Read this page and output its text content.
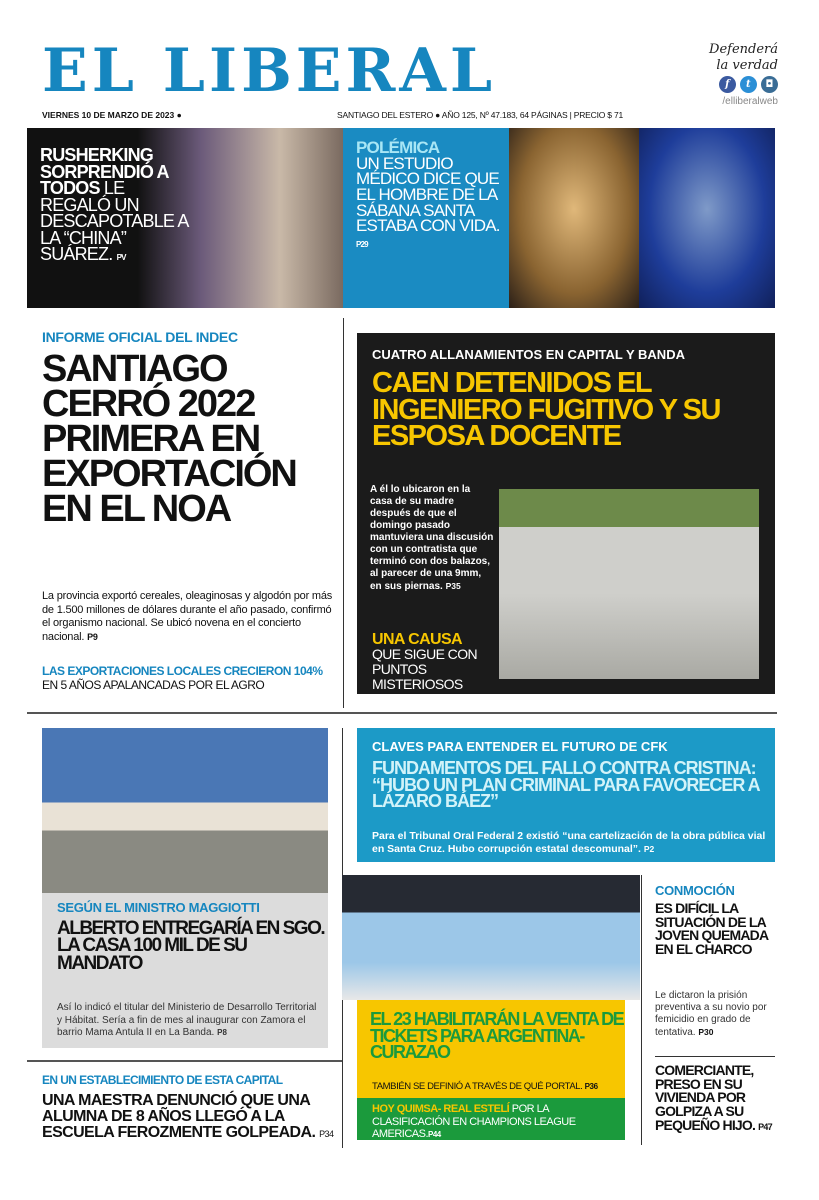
EL LIBERAL	Defenderá
la verdad
f t ◘
/elliberalweb
VIERNES 10 DE MARZO DE 2023 ●	SANTIAGO DEL ESTERO ● AÑO 125, Nº 47.183, 64 PÁGINAS | PRECIO $ 71
RUSHERKING SORPRENDIÓ A TODOS LE REGALÓ UN DESCAPOTABLE A LA “CHINA” SUÁREZ. PV
POLÉMICA
UN ESTUDIO MÉDICO DICE QUE EL HOMBRE DE LA SÁBANA SANTA ESTABA CON VIDA. P29
INFORME OFICIAL DEL INDEC
SANTIAGO CERRÓ 2022 PRIMERA EN EXPORTACIÓN EN EL NOA
La provincia exportó cereales, oleaginosas y algodón por más de 1.500 millones de dólares durante el año pasado, confirmó el organismo nacional. Se ubicó novena en el concierto nacional. P9
LAS EXPORTACIONES LOCALES CRECIERON 104% EN 5 AÑOS APALANCADAS POR EL AGRO
CUATRO ALLANAMIENTOS EN CAPITAL Y BANDA
CAEN DETENIDOS EL INGENIERO FUGITIVO Y SU ESPOSA DOCENTE
A él lo ubicaron en la casa de su madre después de que el domingo pasado mantuviera una discusión con un contratista que terminó con dos balazos, al parecer de una 9mm, en sus piernas. P35
UNA CAUSA
QUE SIGUE CON PUNTOS MISTERIOSOS
SEGÚN EL MINISTRO MAGGIOTTI
ALBERTO ENTREGARÍA EN SGO. LA CASA 100 MIL DE SU MANDATO
Así lo indicó el titular del Ministerio de Desarrollo Territorial y Hábitat. Sería a fin de mes al inaugurar con Zamora el barrio Mama Antula II en La Banda. P8
CLAVES PARA ENTENDER EL FUTURO DE CFK
FUNDAMENTOS DEL FALLO CONTRA CRISTINA: “HUBO UN PLAN CRIMINAL PARA FAVORECER A LÁZARO BÁEZ”
Para el Tribunal Oral Federal 2 existió “una cartelización de la obra pública vial en Santa Cruz. Hubo corrupción estatal descomunal”. P2
EL 23 HABILITARÁN LA VENTA DE TICKETS PARA ARGENTINA-CURAZAO
TAMBIÉN SE DEFINIÓ A TRAVÉS DE QUÉ PORTAL. P36
HOY QUIMSA- REAL ESTELÍ POR LA CLASIFICACIÓN EN CHAMPIONS LEAGUE AMERICAS.P44
CONMOCIÓN
ES DIFÍCIL LA SITUACIÓN DE LA JOVEN QUEMADA EN EL CHARCO
Le dictaron la prisión preventiva a su novio por femicidio en grado de tentativa. P30
COMERCIANTE, PRESO EN SU VIVIENDA POR GOLPIZA A SU PEQUEÑO HIJO. P47
EN UN ESTABLECIMIENTO DE ESTA CAPITAL
UNA MAESTRA DENUNCIÓ QUE UNA ALUMNA DE 8 AÑOS LLEGÓ A LA ESCUELA FEROZMENTE GOLPEADA. P34
